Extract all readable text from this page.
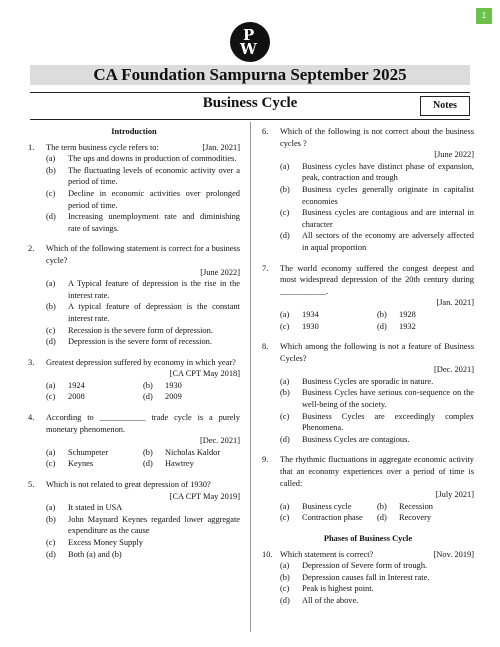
1
P
W
CA Foundation Sampurna September 2025
Business Cycle	Notes
Introduction
1.	[Jan. 2021]
The term business cycle refers to:
(a)	The ups and downs in production of commodities.
(b)	The fluctuating levels of economic activity over a period of time.
(c)	Decline in economic activities over prolonged period of time.
(d)	Increasing unemployment rate and diminishing rate of savings.
2.	Which of the following statement is correct for a business cycle?
[June 2022]
(a)	A Typical feature of depression is the rise in the interest rate.
(b)	A typical feature of depression is the constant interest rate.
(c)	Recession is the severe form of depression.
(d)	Depression is the severe form of recession.
3.	Greatest depression suffered by economy in which year?
[CA CPT May 2018]
(a)	1924	(b)	1930
(c)	2008	(d)	2009
4.	According to ___________ trade cycle is a purely monetary phenomenon.
[Dec. 2021]
(a)	Schumpeter	(b)	Nicholas Kaldor
(c)	Keynes	(d)	Hawtrey
5.	Which is not related to great depression of 1930?
[CA CPT May 2019]
(a)	It stated in USA
(b)	John Maynard Keynes regarded lower aggregate expenditure as the cause
(c)	Excess Money Supply
(d)	Both (a) and (b)
6.	Which of the following is not correct about the business cycles ?
[June 2022]
(a)	Business cycles have distinct phase of expansion, peak, contraction and trough
(b)	Business cycles generally originate in capitalist economies
(c)	Business cycles are contagious and are internal in character
(d)	All sectors of the economy are adversely affected in aqual proportion
7.	The world economy suffered the congest deepest and most widespread depression of the 20th century during ___________.
[Jan. 2021]
(a)	1934	(b)	1928
(c)	1930	(d)	1932
8.	Which among the following is not a feature of Business Cycles?
[Dec. 2021]
(a)	Business Cycles are sporadic in nature.
(b)	Business Cycles have serious con-sequence on the well-being of the society.
(c)	Business Cycles are exceedingly complex Phenomena.
(d)	Business Cycles are contagious.
9.	The rhythmic fluctuations in aggregate economic activity that an economy experiences over a period of time is called:
[July 2021]
(a)	Business cycle	(b)	Recession
(c)	Contraction phase (d)	Recovery
Phases of Business Cycle
10.	[Nov. 2019]
Which statement is correct?
(a)	Depression of Severe form of trough.
(b)	Depression causes fall in Interest rate.
(c)	Peak is highest point.
(d)	All of the above.
